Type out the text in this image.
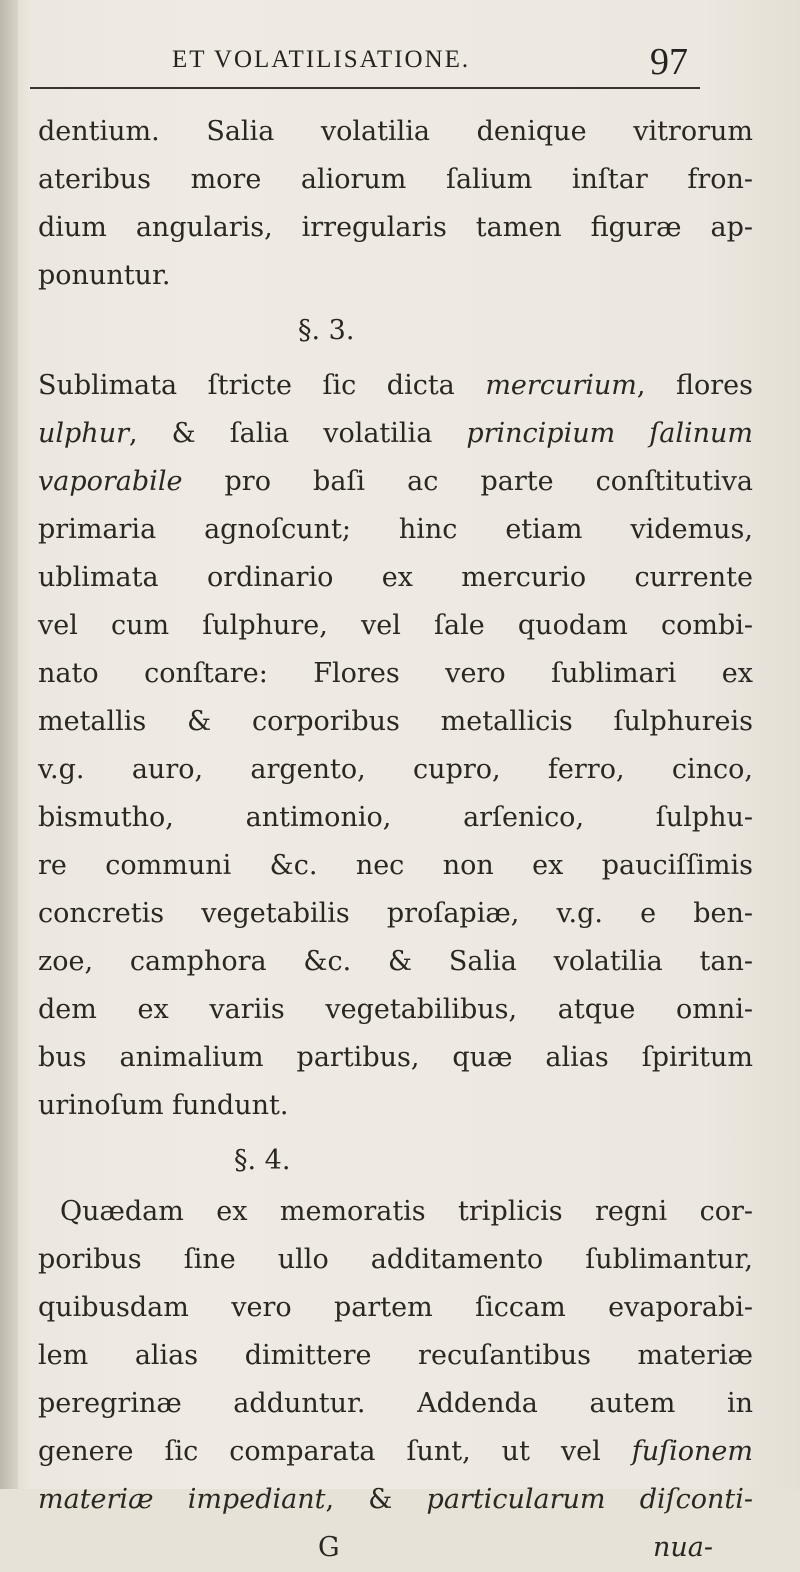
ET VOLATILISATIONE.	97
dentium. Salia volatilia denique vitrorum
ateribus more aliorum ſalium inſtar fron-
dium angularis, irregularis tamen figuræ ap-
ponuntur.
§. 3.
Sublimata ſtricte ſic dicta mercurium, flores
ulphur, & ſalia volatilia principium ſalinum
vaporabile pro baſi ac parte conſtitutiva
primaria agnoſcunt; hinc etiam videmus,
ublimata ordinario ex mercurio currente
vel cum ſulphure, vel ſale quodam combi-
nato conſtare: Flores vero ſublimari ex
metallis & corporibus metallicis ſulphureis
v.g. auro, argento, cupro, ferro, cinco,
bismutho, antimonio, arſenico, ſulphu-
re communi &c. nec non ex pauciſſimis
concretis vegetabilis proſapiæ, v.g. e ben-
zoe, camphora &c. & Salia volatilia tan-
dem ex variis vegetabilibus, atque omni-
bus animalium partibus, quæ alias ſpiritum
urinoſum fundunt.
§. 4.
Quædam ex memoratis triplicis regni cor-
poribus ſine ullo additamento ſublimantur,
quibusdam vero partem ſiccam evaporabi-
lem alias dimittere recuſantibus materiæ
peregrinæ adduntur. Addenda autem in
genere ſic comparata ſunt, ut vel fuſionem
materiæ impediant, & particularum diſconti-
G	nua-
